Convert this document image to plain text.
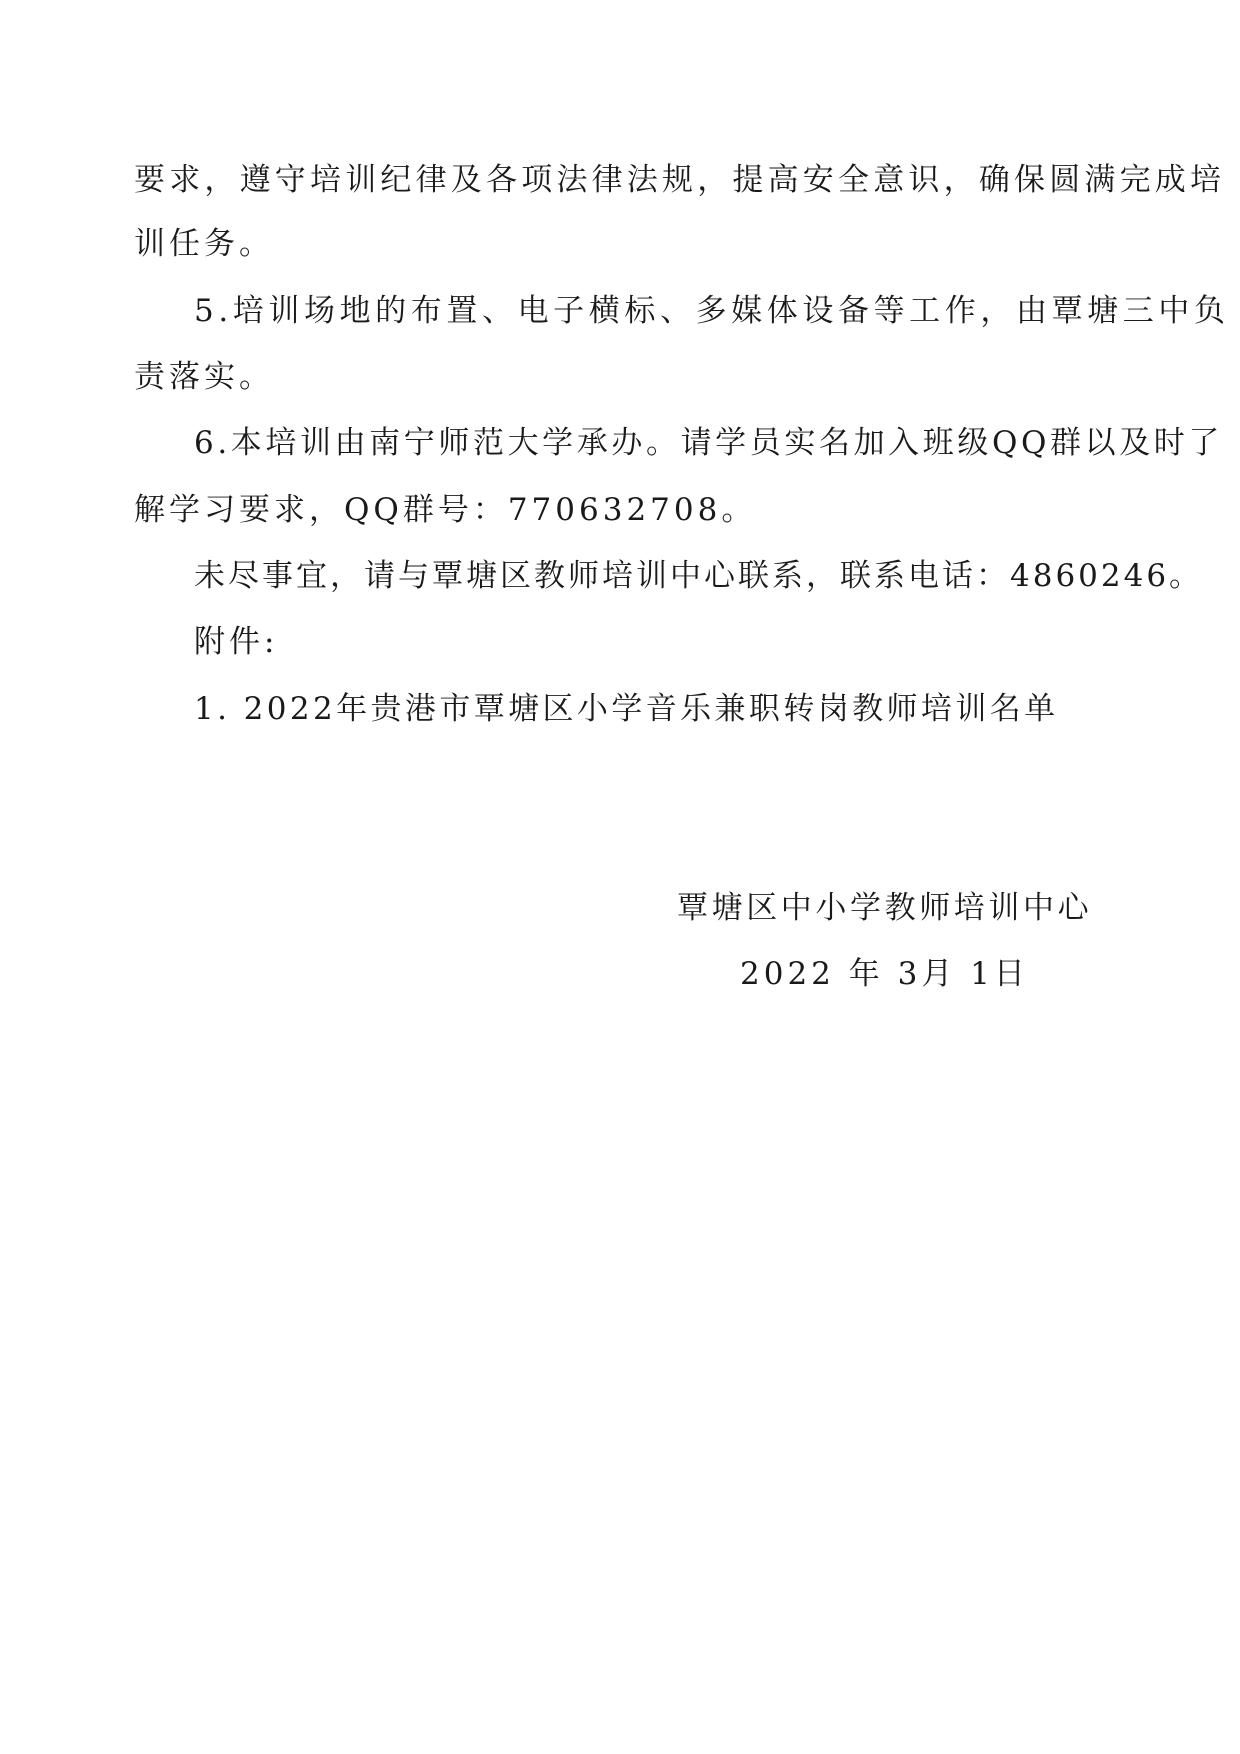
要求，遵守培训纪律及各项法律法规，提高安全意识，确保圆满完成培
训任务。
5.培训场地的布置、电子横标、多媒体设备等工作，由覃塘三中负
责落实。
6.本培训由南宁师范大学承办。请学员实名加入班级QQ群以及时了
解学习要求，QQ群号：770632708。
未尽事宜，请与覃塘区教师培训中心联系，联系电话：4860246。
附件:
1. 2022年贵港市覃塘区小学音乐兼职转岗教师培训名单
覃塘区中小学教师培训中心
2022 年 3月 1日
